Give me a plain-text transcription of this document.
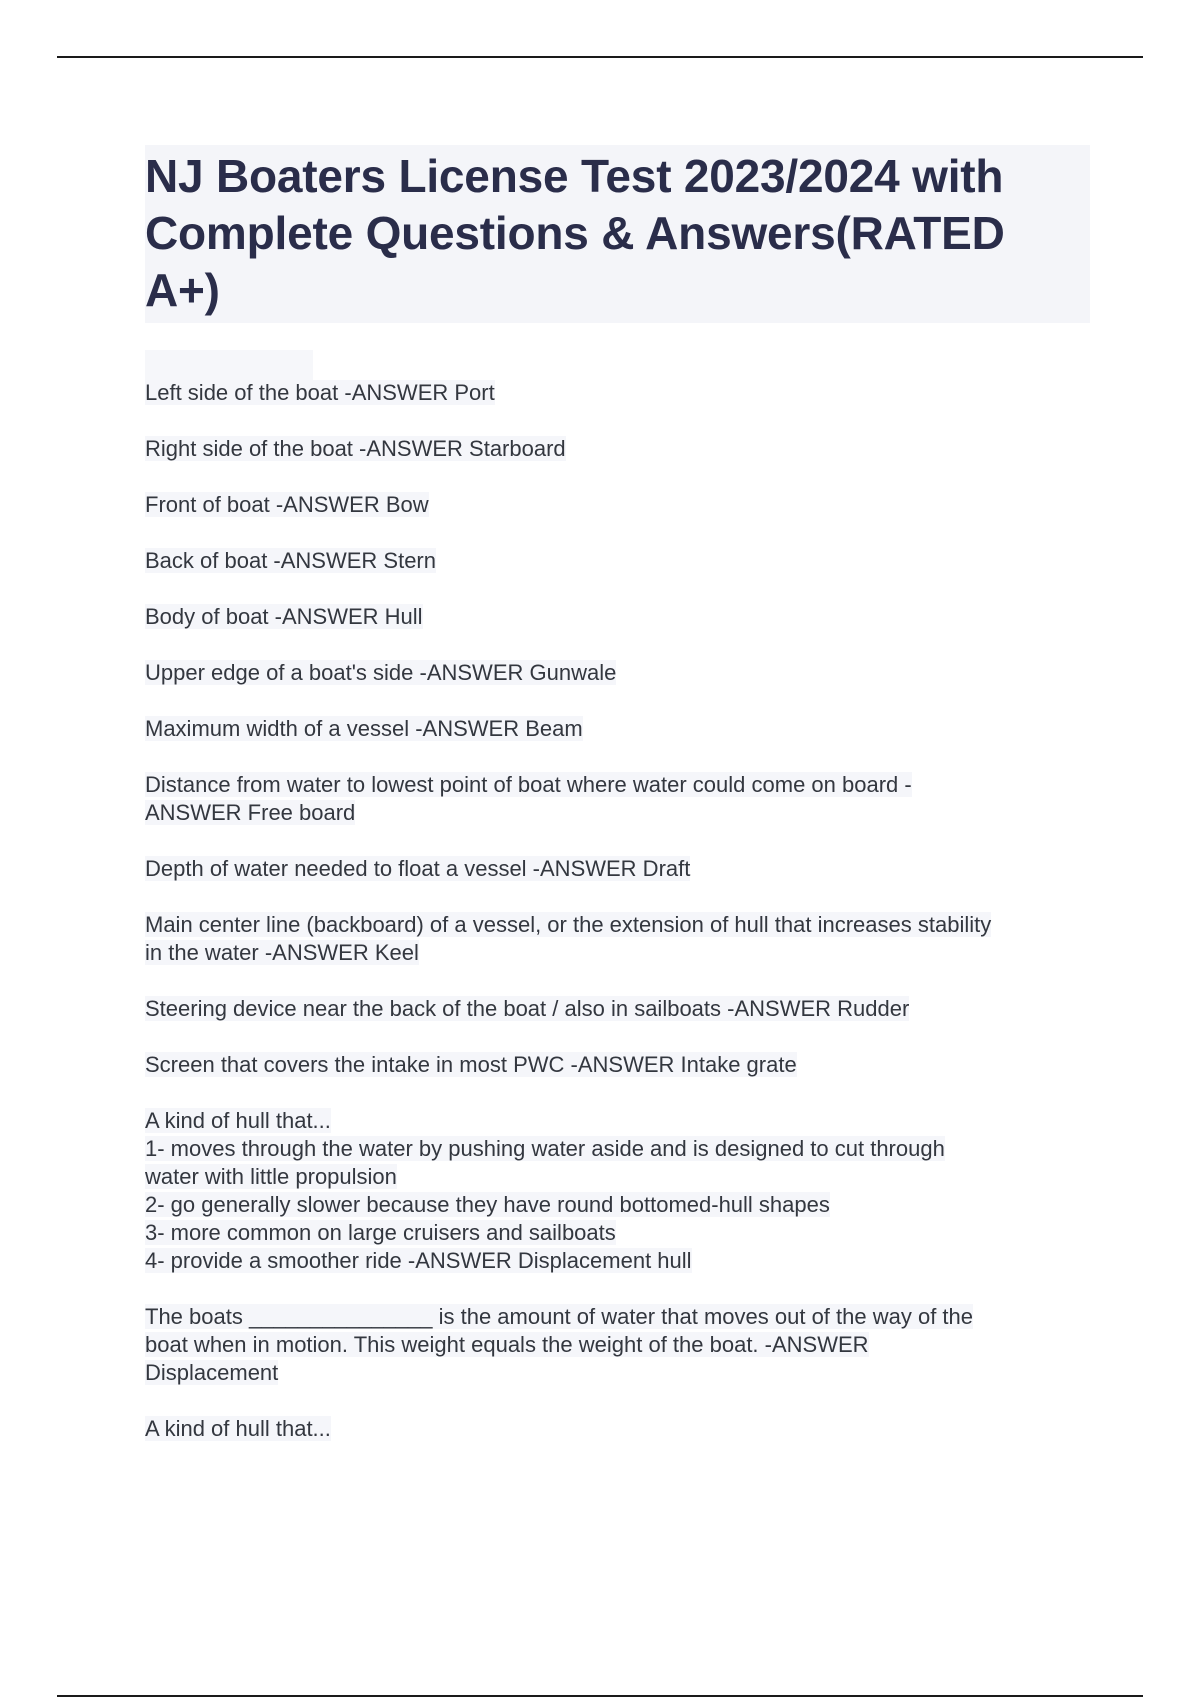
NJ Boaters License Test 2023/2024 with Complete Questions & Answers(RATED A+)
Left side of the boat -ANSWER Port
Right side of the boat -ANSWER Starboard
Front of boat -ANSWER Bow
Back of boat -ANSWER Stern
Body of boat -ANSWER Hull
Upper edge of a boat's side -ANSWER Gunwale
Maximum width of a vessel -ANSWER Beam
Distance from water to lowest point of boat where water could come on board -
ANSWER Free board
Depth of water needed to float a vessel -ANSWER Draft
Main center line (backboard) of a vessel, or the extension of hull that increases stability
in the water -ANSWER Keel
Steering device near the back of the boat / also in sailboats -ANSWER Rudder
Screen that covers the intake in most PWC -ANSWER Intake grate
A kind of hull that...
1- moves through the water by pushing water aside and is designed to cut through
water with little propulsion
2- go generally slower because they have round bottomed-hull shapes
3- more common on large cruisers and sailboats
4- provide a smoother ride -ANSWER Displacement hull
The boats _______________ is the amount of water that moves out of the way of the
boat when in motion. This weight equals the weight of the boat. -ANSWER
Displacement
A kind of hull that...
